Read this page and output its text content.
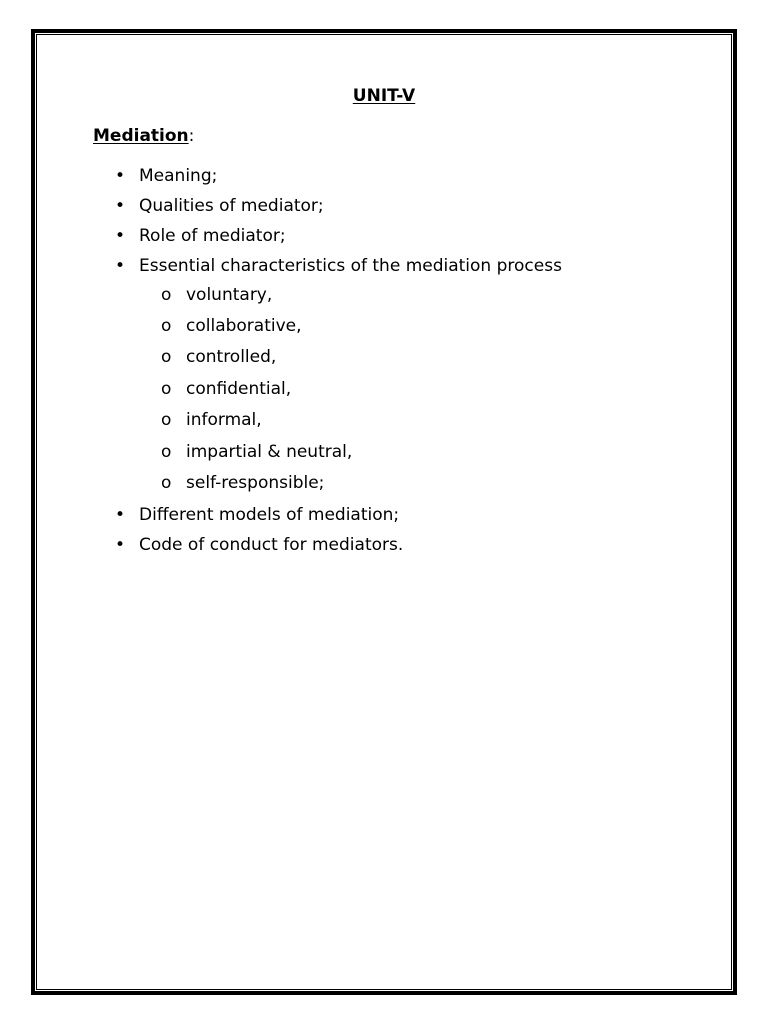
UNIT-V
Mediation:
• Meaning;
• Qualities of mediator;
• Role of mediator;
• Essential characteristics of the mediation process
o voluntary,
o collaborative,
o controlled,
o confidential,
o informal,
o impartial & neutral,
o self-responsible;
• Different models of mediation;
• Code of conduct for mediators.
